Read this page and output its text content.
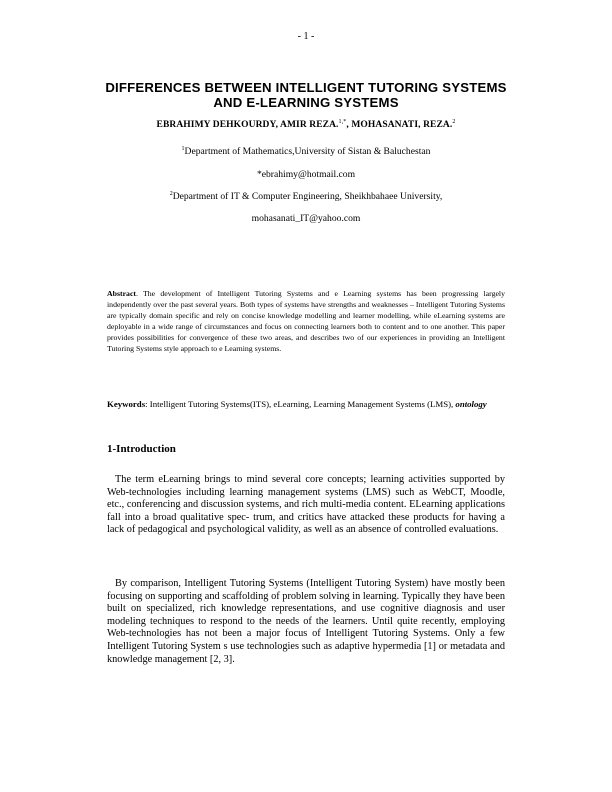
- 1 -
DIFFERENCES BETWEEN INTELLIGENT TUTORING SYSTEMS
AND E-LEARNING SYSTEMS
EBRAHIMY DEHKOURDY, AMIR REZA.$^{1,*}$, MOHASANATI, REZA.$^2$
$^1$Department of Mathematics,University of Sistan & Baluchestan
*ebrahimy@hotmail.com
$^2$Department of IT & Computer Engineering, Sheikhbahaee University,
mohasanati_IT@yahoo.com
Abstract. The development of Intelligent Tutoring Systems and e Learning systems has been progressing largely independently over the past several years. Both types of systems have strengths and weaknesses – Intelligent Tutoring Systems are typically domain specific and rely on concise knowledge modelling and learner modelling, while eLearning systems are deployable in a wide range of circumstances and focus on connecting learners both to content and to one another. This paper provides possibilities for convergence of these two areas, and describes two of our experiences in providing an Intelligent Tutoring Systems style approach to e Learning systems.
Keywords: Intelligent Tutoring Systems(ITS), eLearning, Learning Management Systems (LMS), ontology
1-Introduction

The term eLearning brings to mind several core concepts; learning activities supported by Web-technologies including learning management systems (LMS) such as WebCT, Moodle, etc., conferencing and discussion systems, and rich multi-media content. ELearning applications fall into a broad qualitative spec- trum, and critics have attacked these products for having a lack of pedagogical and psychological validity, as well as an absence of controlled evaluations.

By comparison, Intelligent Tutoring Systems (Intelligent Tutoring System) have mostly been focusing on supporting and scaffolding of problem solving in learning. Typically they have been built on specialized, rich knowledge representations, and use cognitive diagnosis and user modeling techniques to respond to the needs of the learners. Until quite recently, employing Web-technologies has not been a major focus of Intelligent Tutoring Systems. Only a few Intelligent Tutoring System s use technologies such as adaptive hypermedia [1] or metadata and knowledge management [2, 3].
